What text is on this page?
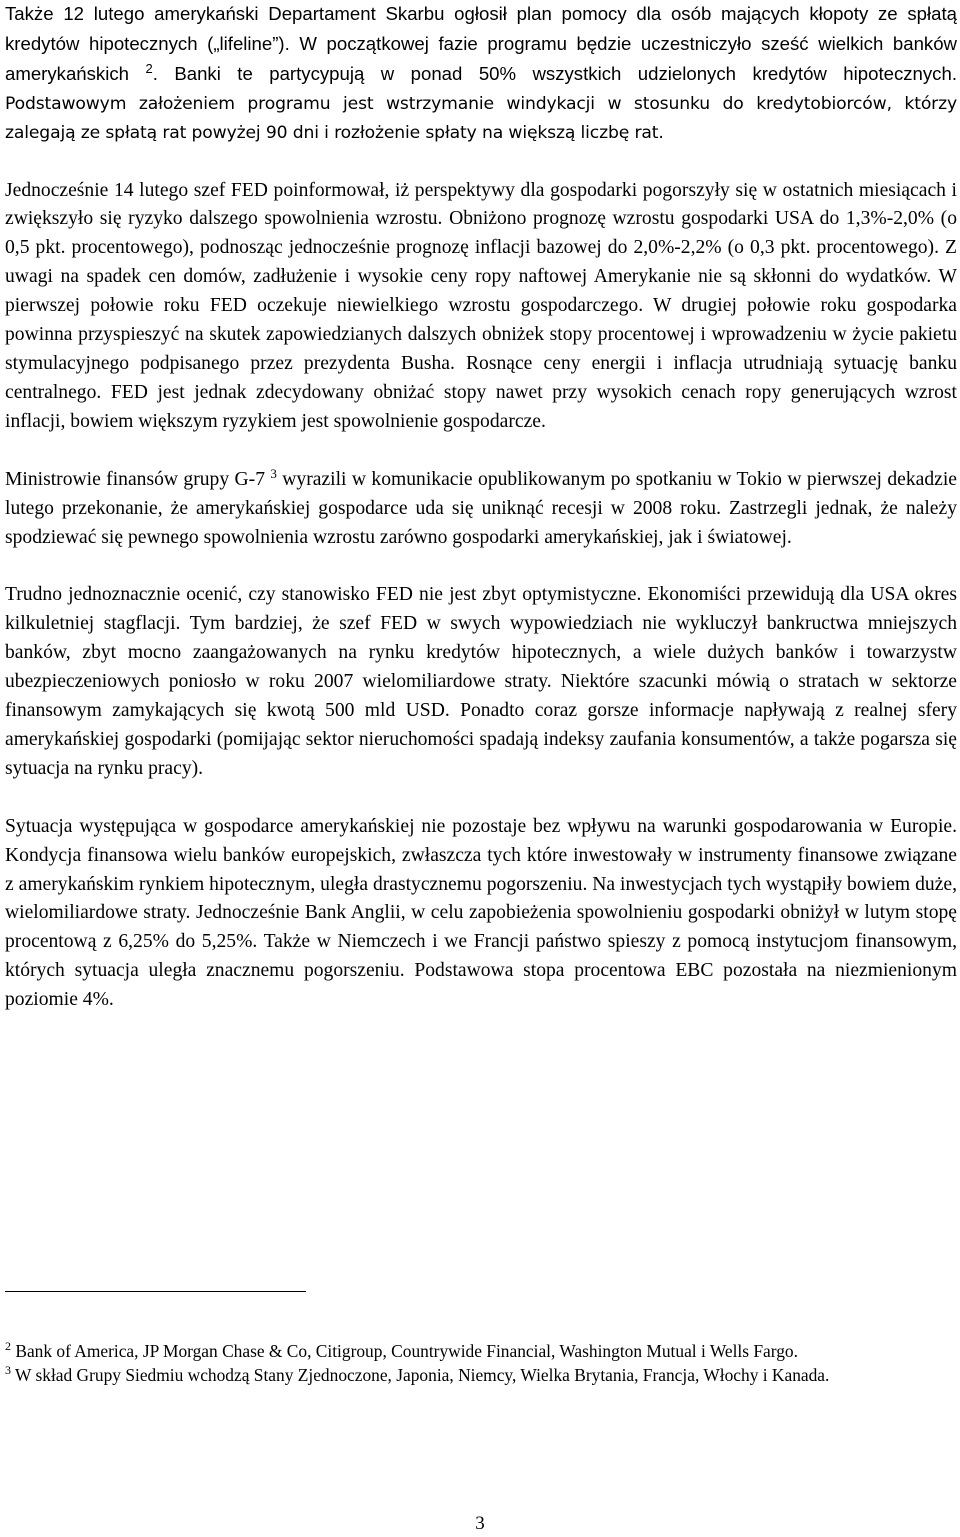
Także 12 lutego amerykański Departament Skarbu ogłosił plan pomocy dla osób mających kłopoty ze spłatą kredytów hipotecznych („lifeline”). W początkowej fazie programu będzie uczestniczyło sześć wielkich banków amerykańskich $^2$. Banki te partycypują w ponad 50% wszystkich udzielonych kredytów hipotecznych. Podstawowym założeniem programu jest wstrzymanie windykacji w stosunku do kredytobiorców, którzy zalegają ze spłatą rat powyżej 90 dni i rozłożenie spłaty na większą liczbę rat.

Jednocześnie 14 lutego szef FED poinformował, iż perspektywy dla gospodarki pogorszyły się w ostatnich miesiącach i zwiększyło się ryzyko dalszego spowolnienia wzrostu. Obniżono prognozę wzrostu gospodarki USA do 1,3%-2,0% (o 0,5 pkt. procentowego), podnosząc jednocześnie prognozę inflacji bazowej do 2,0%-2,2% (o 0,3 pkt. procentowego). Z uwagi na spadek cen domów, zadłużenie i wysokie ceny ropy naftowej Amerykanie nie są skłonni do wydatków. W pierwszej połowie roku FED oczekuje niewielkiego wzrostu gospodarczego. W drugiej połowie roku gospodarka powinna przyspieszyć na skutek zapowiedzianych dalszych obniżek stopy procentowej i wprowadzeniu w życie pakietu stymulacyjnego podpisanego przez prezydenta Busha. Rosnące ceny energii i inflacja utrudniają sytuację banku centralnego. FED jest jednak zdecydowany obniżać stopy nawet przy wysokich cenach ropy generujących wzrost inflacji, bowiem większym ryzykiem jest spowolnienie gospodarcze.

Ministrowie finansów grupy G-7 $^3$ wyrazili w komunikacie opublikowanym po spotkaniu w Tokio w pierwszej dekadzie lutego przekonanie, że amerykańskiej gospodarce uda się uniknąć recesji w 2008 roku. Zastrzegli jednak, że należy spodziewać się pewnego spowolnienia wzrostu zarówno gospodarki amerykańskiej, jak i światowej.

Trudno jednoznacznie ocenić, czy stanowisko FED nie jest zbyt optymistyczne. Ekonomiści przewidują dla USA okres kilkuletniej stagflacji. Tym bardziej, że szef FED w swych wypowiedziach nie wykluczył bankructwa mniejszych banków, zbyt mocno zaangażowanych na rynku kredytów hipotecznych, a wiele dużych banków i towarzystw ubezpieczeniowych poniosło w roku 2007 wielomiliardowe straty. Niektóre szacunki mówią o stratach w sektorze finansowym zamykających się kwotą 500 mld USD. Ponadto coraz gorsze informacje napływają z realnej sfery amerykańskiej gospodarki (pomijając sektor nieruchomości spadają indeksy zaufania konsumentów, a także pogarsza się sytuacja na rynku pracy).

Sytuacja występująca w gospodarce amerykańskiej nie pozostaje bez wpływu na warunki gospodarowania w Europie. Kondycja finansowa wielu banków europejskich, zwłaszcza tych które inwestowały w instrumenty finansowe związane z amerykańskim rynkiem hipotecznym, uległa drastycznemu pogorszeniu. Na inwestycjach tych wystąpiły bowiem duże, wielomiliardowe straty. Jednocześnie Bank Anglii, w celu zapobieżenia spowolnieniu gospodarki obniżył w lutym stopę procentową z 6,25% do 5,25%. Także w Niemczech i we Francji państwo spieszy z pomocą instytucjom finansowym, których sytuacja uległa znacznemu pogorszeniu. Podstawowa stopa procentowa EBC pozostała na niezmienionym poziomie 4%.

$^2$ Bank of America, JP Morgan Chase & Co, Citigroup, Countrywide Financial, Washington Mutual i Wells Fargo.

$^3$ W skład Grupy Siedmiu wchodzą Stany Zjednoczone, Japonia, Niemcy, Wielka Brytania, Francja, Włochy i Kanada.

3
